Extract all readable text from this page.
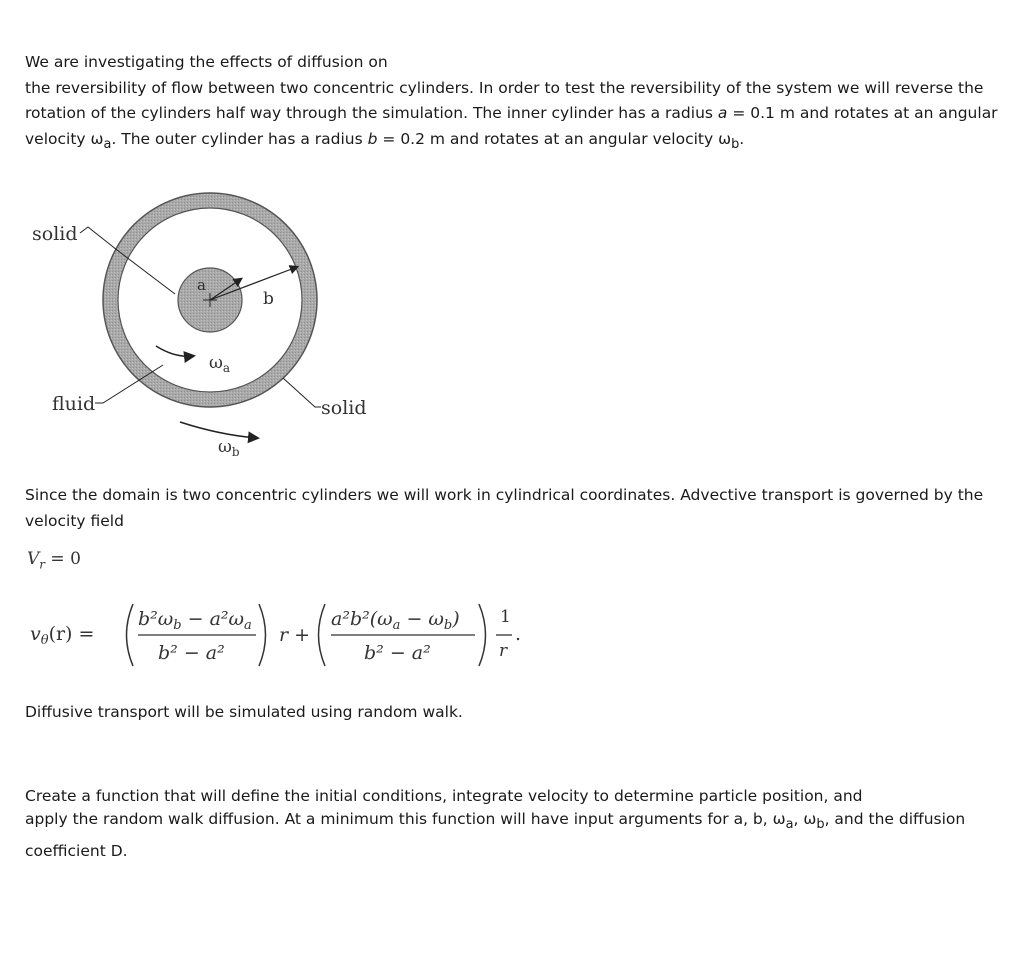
We are investigating the effects of diffusion on
the reversibility of flow between two concentric cylinders. In order to test the reversibility of the system we will reverse the rotation of the cylinders half way through the simulation. The inner cylinder has a radius a = 0.1 m and rotates at an angular velocity $\omega_a$. The outer cylinder has a radius b = 0.2 m and rotates at an angular velocity $\omega_b$.

a
b
solid
fluid	solid
$\omega_a$
$\omega_b$

Since the domain is two concentric cylinders we will work in cylindrical coordinates. Advective transport is governed by the velocity field

$V_r = 0$
$v_\theta(r)$ =
$b^2\omega_b - a^2\omega_a$
b² − a²
r +
$a^2b^2(\omega_a - \omega_b)$
b² − a²
1
r
.

Diffusive transport will be simulated using random walk.

Create a function that will define the initial conditions, integrate velocity to determine particle position, and
apply the random walk diffusion. At a minimum this function will have input arguments for a, b, $\omega_a$, $\omega_b$, and the diffusion
coefficient D.
